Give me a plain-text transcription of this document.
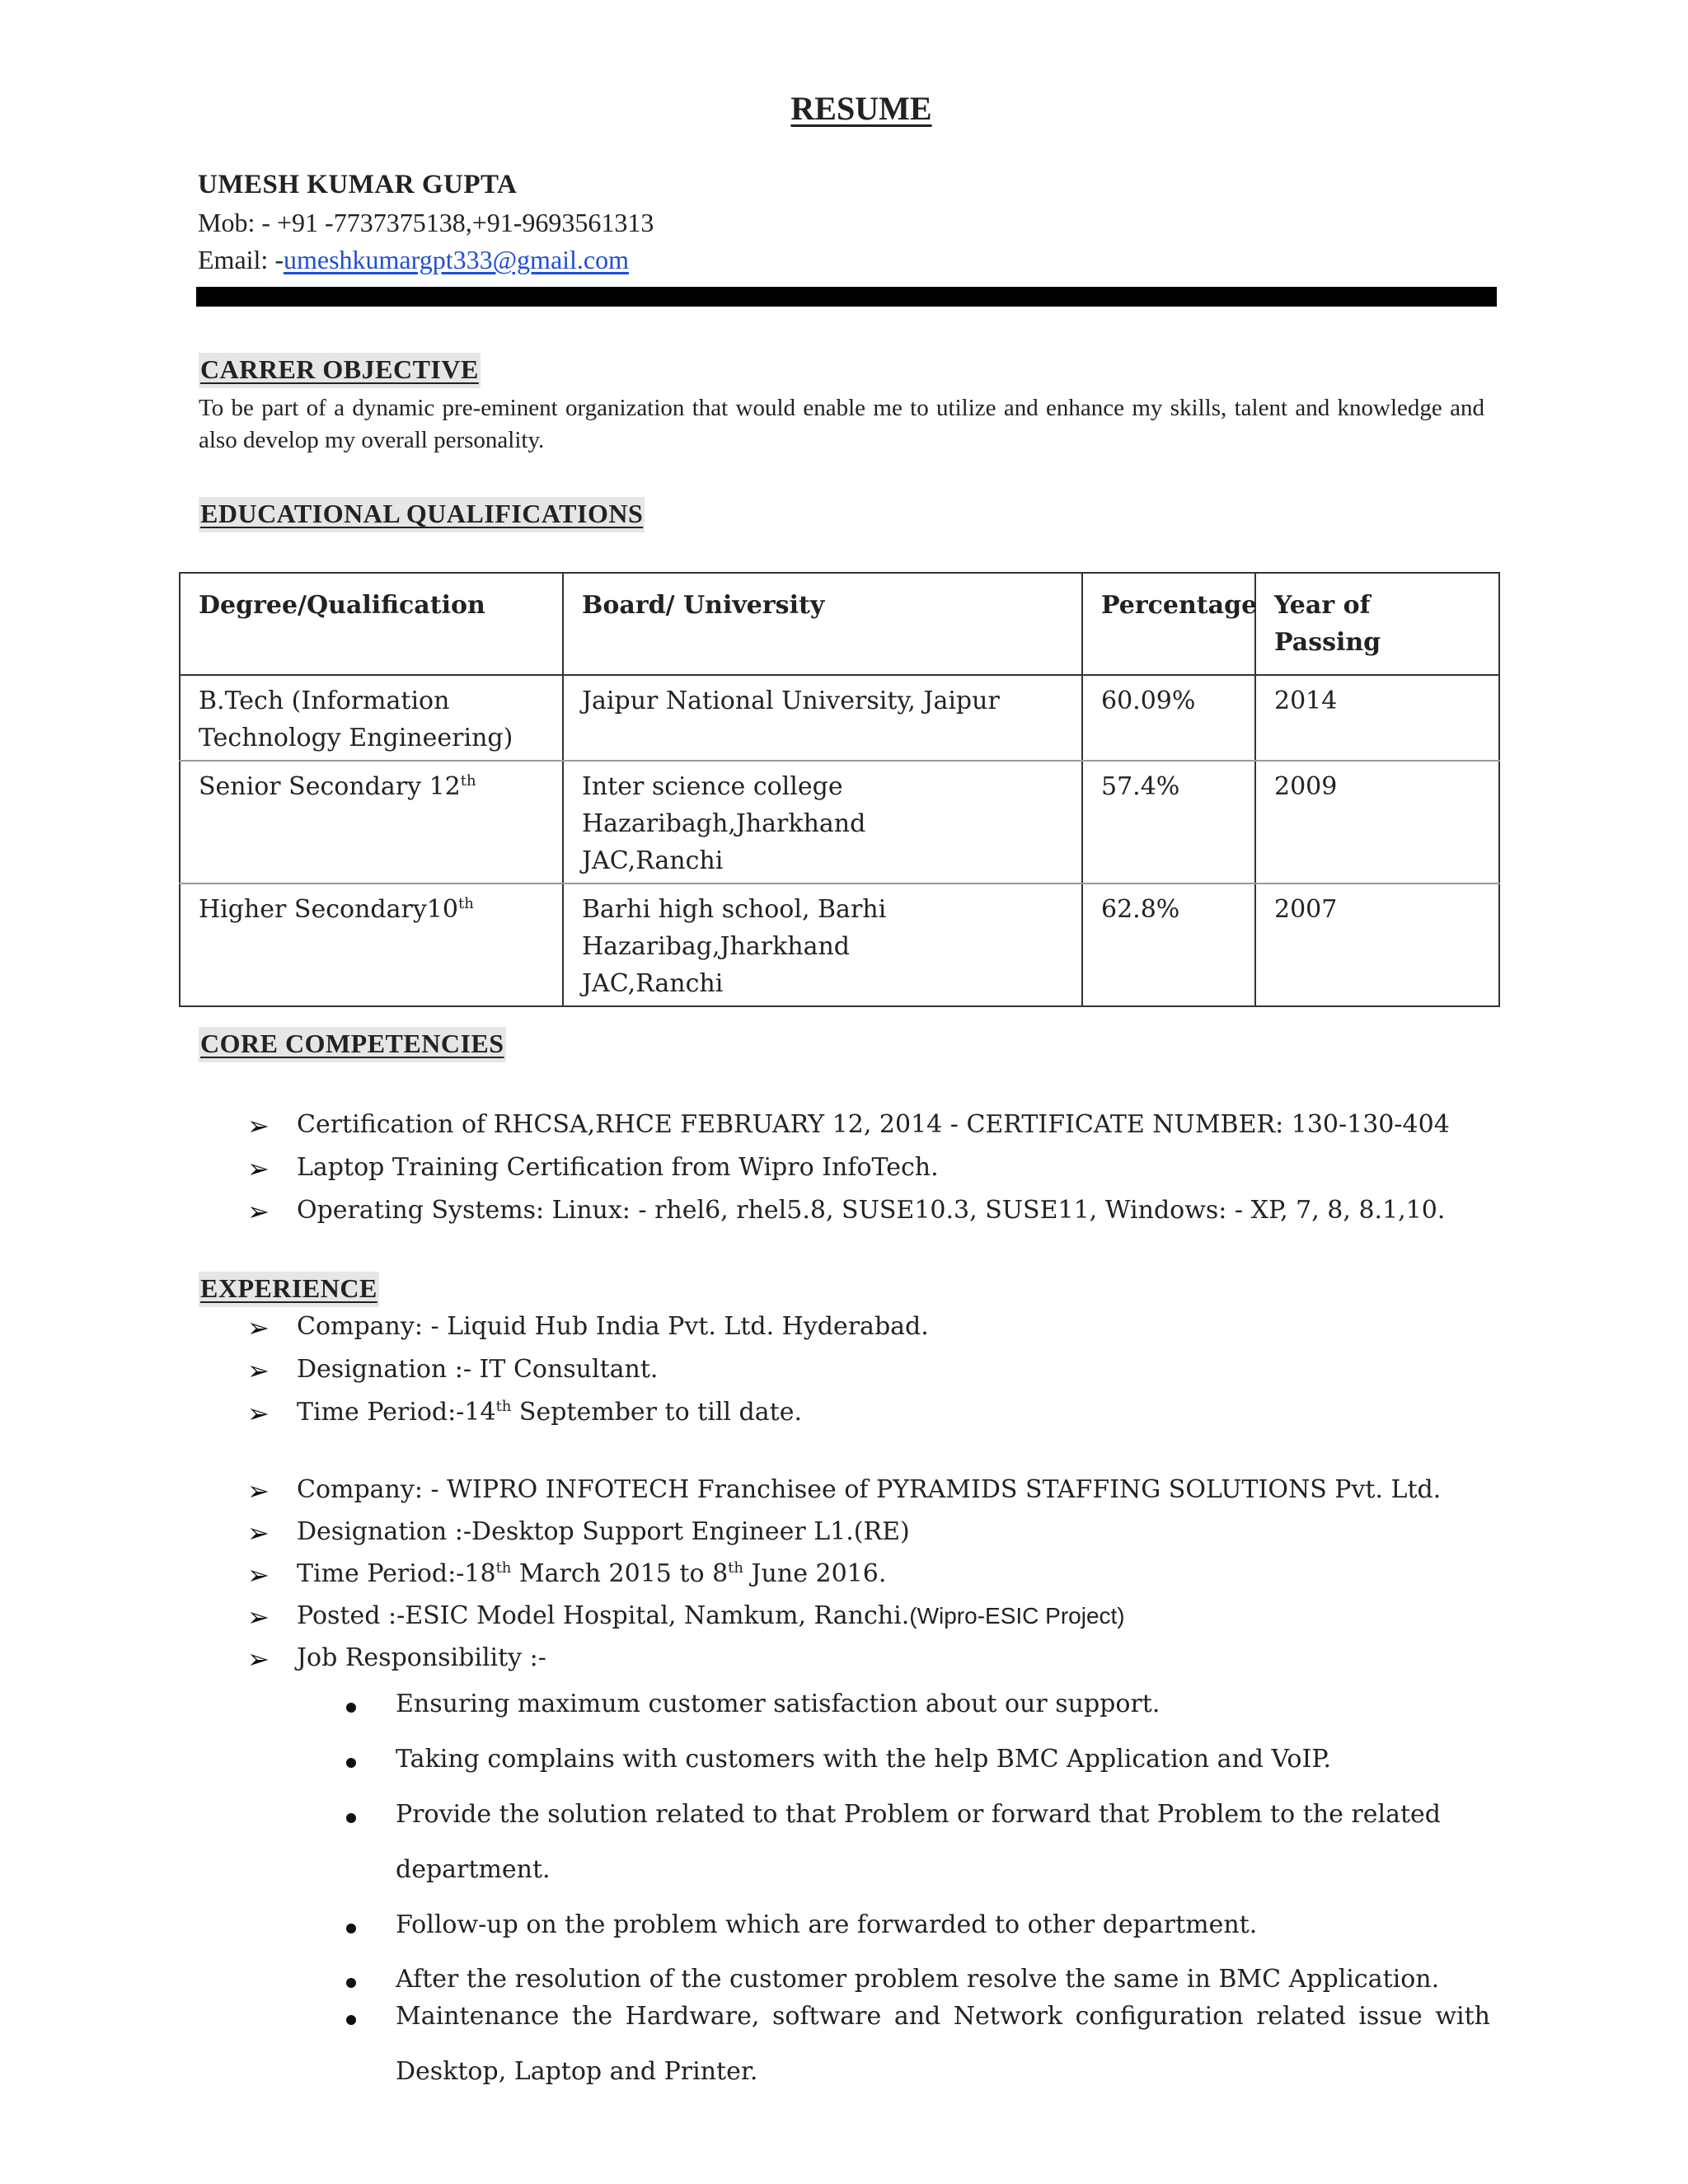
RESUME
UMESH KUMAR GUPTA
Mob: - +91 -7737375138,+91-9693561313
Email: -umeshkumargpt333@gmail.com
CARRER OBJECTIVE
To be part of a dynamic pre-eminent organization that would enable me to utilize and enhance my skills, talent and knowledge and also develop my overall personality.
EDUCATIONAL QUALIFICATIONS
Degree/Qualification	Board/ University	Percentage	Year of Passing

B.Tech (Information
Technology Engineering)	Jaipur National University, Jaipur	60.09%	2014
Senior Secondary 12th	Inter science college
Hazaribagh,Jharkhand
JAC,Ranchi	57.4%	2009
Higher Secondary10th	Barhi high school, Barhi
Hazaribag,Jharkhand
JAC,Ranchi	62.8%	2007
CORE COMPETENCIES
➢ Certification of RHCSA,RHCE FEBRUARY 12, 2014 - CERTIFICATE NUMBER: 130-130-404
➢ Laptop Training Certification from Wipro InfoTech.
➢ Operating Systems: Linux: - rhel6, rhel5.8, SUSE10.3, SUSE11, Windows: - XP, 7, 8, 8.1,10.
EXPERIENCE
➢ Company: - Liquid Hub India Pvt. Ltd. Hyderabad.
➢ Designation :- IT Consultant.
➢ Time Period:-14th September to till date.
➢ Company: - WIPRO INFOTECH Franchisee of PYRAMIDS STAFFING SOLUTIONS Pvt. Ltd.
➢ Designation :-Desktop Support Engineer L1.(RE)
➢ Time Period:-18th March 2015 to 8th June 2016.
➢ Posted :-ESIC Model Hospital, Namkum, Ranchi.(Wipro-ESIC Project)
➢ Job Responsibility :-
Ensuring maximum customer satisfaction about our support.
Taking complains with customers with the help BMC Application and VoIP.
Provide the solution related to that Problem or forward that Problem to the related
department.
Follow-up on the problem which are forwarded to other department.
After the resolution of the customer problem resolve the same in BMC Application.
Maintenance the Hardware, software and Network configuration related issue with
Desktop, Laptop and Printer.
